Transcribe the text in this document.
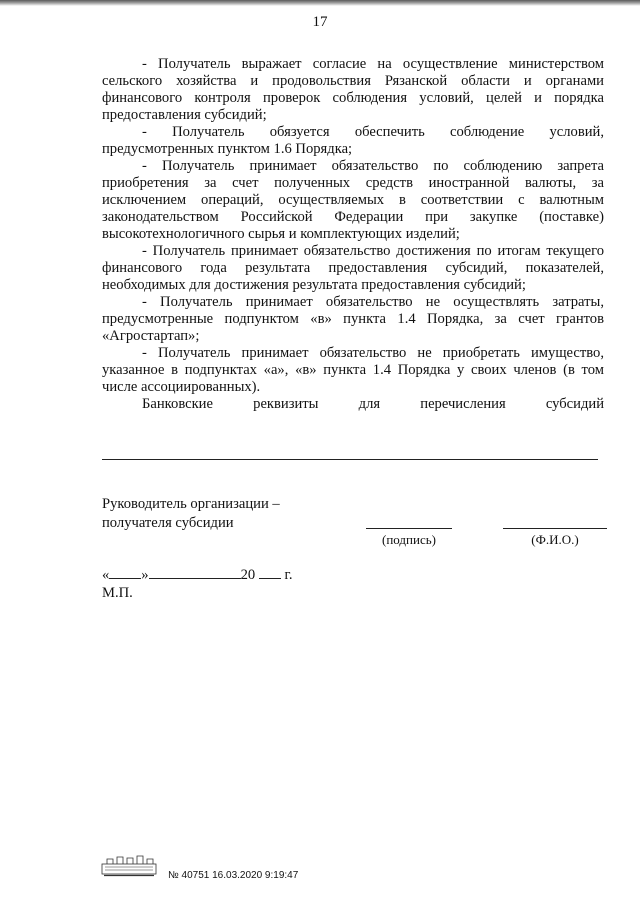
17

- Получатель выражает согласие на осуществление министерством сельского хозяйства и продовольствия Рязанской области и органами финансового контроля проверок соблюдения условий, целей и порядка предоставления субсидий;

- Получатель обязуется обеспечить соблюдение условий, предусмотренных пунктом 1.6 Порядка;

- Получатель принимает обязательство по соблюдению запрета приобретения за счет полученных средств иностранной валюты, за исключением операций, осуществляемых в соответствии с валютным законодательством Российской Федерации при закупке (поставке) высокотехнологичного сырья и комплектующих изделий;

- Получатель принимает обязательство достижения по итогам текущего финансового года результата предоставления субсидий, показателей, необходимых для достижения результата предоставления субсидий;

- Получатель принимает обязательство не осуществлять затраты, предусмотренные подпунктом «в» пункта 1.4 Порядка, за счет грантов «Агростартап»;

- Получатель принимает обязательство не приобретать имущество, указанное в подпунктах «а», «в» пункта 1.4 Порядка у своих членов (в том числе ассоциированных).

Банковские реквизиты для перечисления субсидий
Руководитель организации –
получателя субсидии
(подпись)	(Ф.И.О.)
« »	20 г.
М.П.
№ 40751 16.03.2020 9:19:47
